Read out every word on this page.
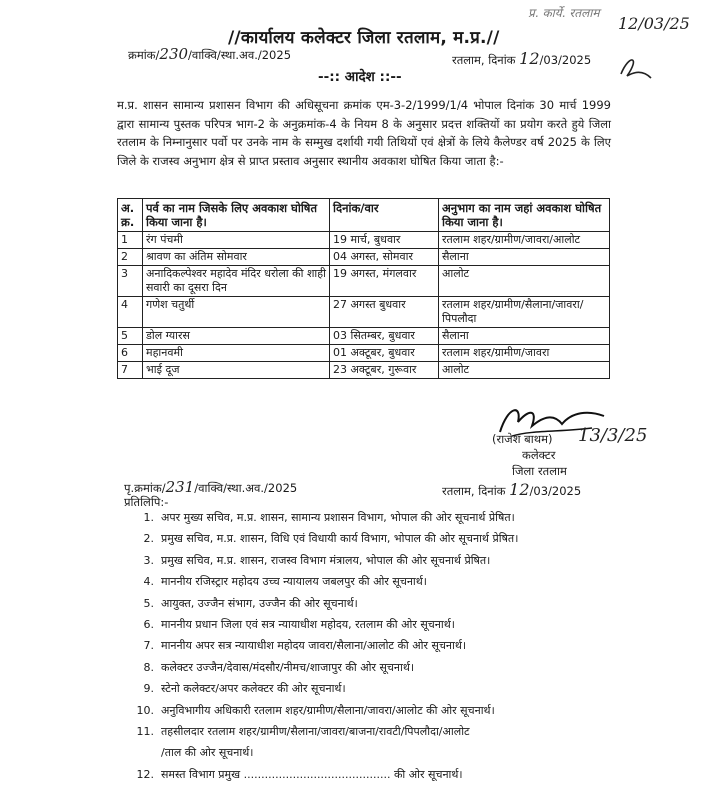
प्र. कार्ये. रतलाम
12/03/25
//कार्यालय कलेक्टर जिला रतलाम, म.प्र.//
क्रमांक/230/वाक्वि/स्था.अव./2025	रतलाम, दिनांक 12/03/2025
--:: आदेश ::--
म.प्र. शासन सामान्य प्रशासन विभाग की अधिसूचना क्रमांक एम-3-2/1999/1/4 भोपाल दिनांक 30 मार्च 1999 द्वारा सामान्य पुस्तक परिपत्र भाग-2 के अनुक्रमांक-4 के नियम 8 के अनुसार प्रदत्त शक्तियों का प्रयोग करते हुये जिला रतलाम के निम्नानुसार पर्वो पर उनके नाम के सम्मुख दर्शायी गयी तिथियों एवं क्षेत्रों के लिये कैलेण्डर वर्ष 2025 के लिए जिले के राजस्व अनुभाग क्षेत्र से प्राप्त प्रस्ताव अनुसार स्थानीय अवकाश घोषित किया जाता है:-
अ. क्र.	पर्व का नाम जिसके लिए अवकाश घोषित किया जाना है।	दिनांक/वार	अनुभाग का नाम जहां अवकाश घोषित किया जाना है।
1	रंग पंचमी	19 मार्च, बुधवार	रतलाम शहर/ग्रामीण/जावरा/आलोट
2	श्रावण का अंतिम सोमवार	04 अगस्त, सोमवार	सैलाना
3	अनादिकल्पेश्वर महादेव मंदिर धरोला की शाही सवारी का दूसरा दिन	19 अगस्त, मंगलवार	आलोट
4	गणेश चतुर्थी	27 अगस्त बुधवार	रतलाम शहर/ग्रामीण/सैलाना/जावरा/पिपलौदा
5	डोल ग्यारस	03 सितम्बर, बुधवार	सैलाना
6	महानवमी	01 अक्टूबर, बुधवार	रतलाम शहर/ग्रामीण/जावरा
7	भाई दूज	23 अक्टूबर, गुरूवार	आलोट
(राजेश बाथम) 13/3/25
कलेक्टर
जिला रतलाम
पृ.क्रमांक/231/वाक्वि/स्था.अव./2025	रतलाम, दिनांक 12/03/2025
प्रतिलिपि:-
1. अपर मुख्य सचिव, म.प्र. शासन, सामान्य प्रशासन विभाग, भोपाल की ओर सूचनार्थ प्रेषित।
2. प्रमुख सचिव, म.प्र. शासन, विधि एवं विधायी कार्य विभाग, भोपाल की ओर सूचनार्थ प्रेषित।
3. प्रमुख सचिव, म.प्र. शासन, राजस्व विभाग मंत्रालय, भोपाल की ओर सूचनार्थ प्रेषित।
4. माननीय रजिस्ट्रार महोदय उच्च न्यायालय जबलपुर की ओर सूचनार्थ।
5. आयुक्त, उज्जैन संभाग, उज्जैन की ओर सूचनार्थ।
6. माननीय प्रधान जिला एवं सत्र न्यायाधीश महोदय, रतलाम की ओर सूचनार्थ।
7. माननीय अपर सत्र न्यायाधीश महोदय जावरा/सैलाना/आलोट की ओर सूचनार्थ।
8. कलेक्टर उज्जैन/देवास/मंदसौर/नीमच/शाजापुर की ओर सूचनार्थ।
9. स्टेनो कलेक्टर/अपर कलेक्टर की ओर सूचनार्थ।
10. अनुविभागीय अधिकारी रतलाम शहर/ग्रामीण/सैलाना/जावरा/आलोट की ओर सूचनार्थ।
11. तहसीलदार रतलाम शहर/ग्रामीण/सैलाना/जावरा/बाजना/रावटी/पिपलौदा/आलोट
/ताल की ओर सूचनार्थ।
12. समस्त विभाग प्रमुख .......................................... की ओर सूचनार्थ।
